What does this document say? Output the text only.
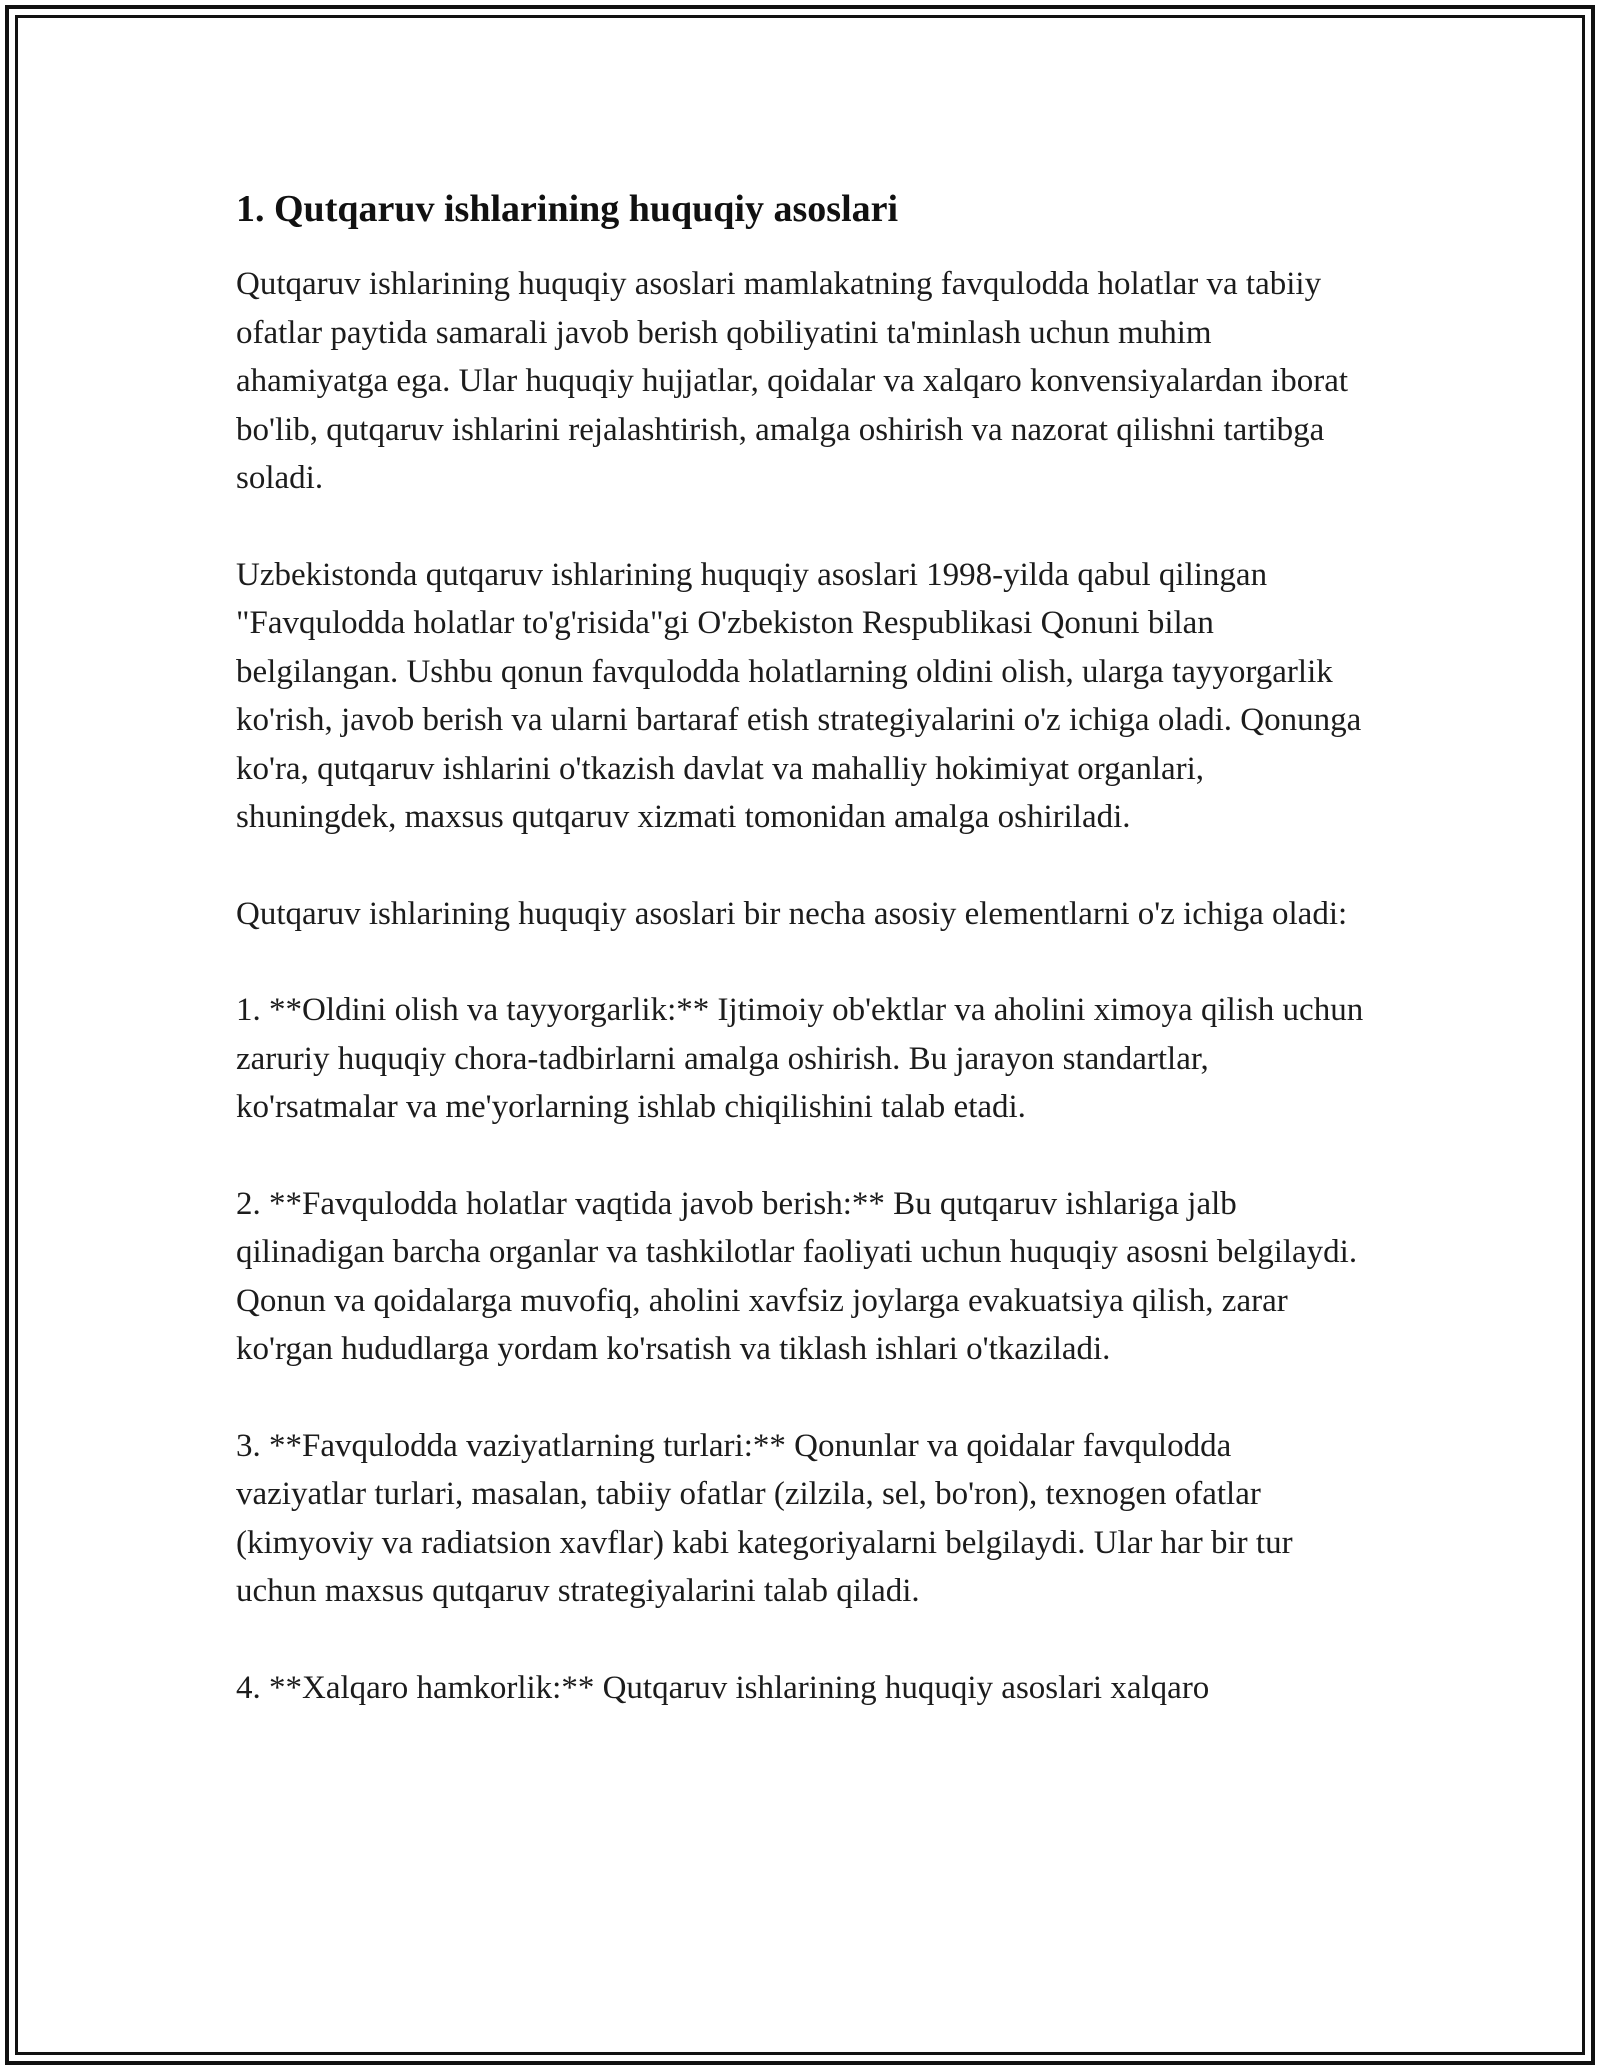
1. Qutqaruv ishlarining huquqiy asoslari

Qutqaruv ishlarining huquqiy asoslari mamlakatning favqulodda holatlar va tabiiy ofatlar paytida samarali javob berish qobiliyatini ta'minlash uchun muhim ahamiyatga ega. Ular huquqiy hujjatlar, qoidalar va xalqaro konvensiyalardan iborat bo'lib, qutqaruv ishlarini rejalashtirish, amalga oshirish va nazorat qilishni tartibga soladi.

Uzbekistonda qutqaruv ishlarining huquqiy asoslari 1998-yilda qabul qilingan "Favqulodda holatlar to'g'risida"gi O'zbekiston Respublikasi Qonuni bilan belgilangan. Ushbu qonun favqulodda holatlarning oldini olish, ularga tayyorgarlik ko'rish, javob berish va ularni bartaraf etish strategiyalarini o'z ichiga oladi. Qonunga ko'ra, qutqaruv ishlarini o'tkazish davlat va mahalliy hokimiyat organlari, shuningdek, maxsus qutqaruv xizmati tomonidan amalga oshiriladi.

Qutqaruv ishlarining huquqiy asoslari bir necha asosiy elementlarni o'z ichiga oladi:

1. **Oldini olish va tayyorgarlik:** Ijtimoiy ob'ektlar va aholini ximoya qilish uchun zaruriy huquqiy chora-tadbirlarni amalga oshirish. Bu jarayon standartlar, ko'rsatmalar va me'yorlarning ishlab chiqilishini talab etadi.

2. **Favqulodda holatlar vaqtida javob berish:** Bu qutqaruv ishlariga jalb qilinadigan barcha organlar va tashkilotlar faoliyati uchun huquqiy asosni belgilaydi. Qonun va qoidalarga muvofiq, aholini xavfsiz joylarga evakuatsiya qilish, zarar ko'rgan hududlarga yordam ko'rsatish va tiklash ishlari o'tkaziladi.

3. **Favqulodda vaziyatlarning turlari:** Qonunlar va qoidalar favqulodda vaziyatlar turlari, masalan, tabiiy ofatlar (zilzila, sel, bo'ron), texnogen ofatlar (kimyoviy va radiatsion xavflar) kabi kategoriyalarni belgilaydi. Ular har bir tur uchun maxsus qutqaruv strategiyalarini talab qiladi.

4. **Xalqaro hamkorlik:** Qutqaruv ishlarining huquqiy asoslari xalqaro
